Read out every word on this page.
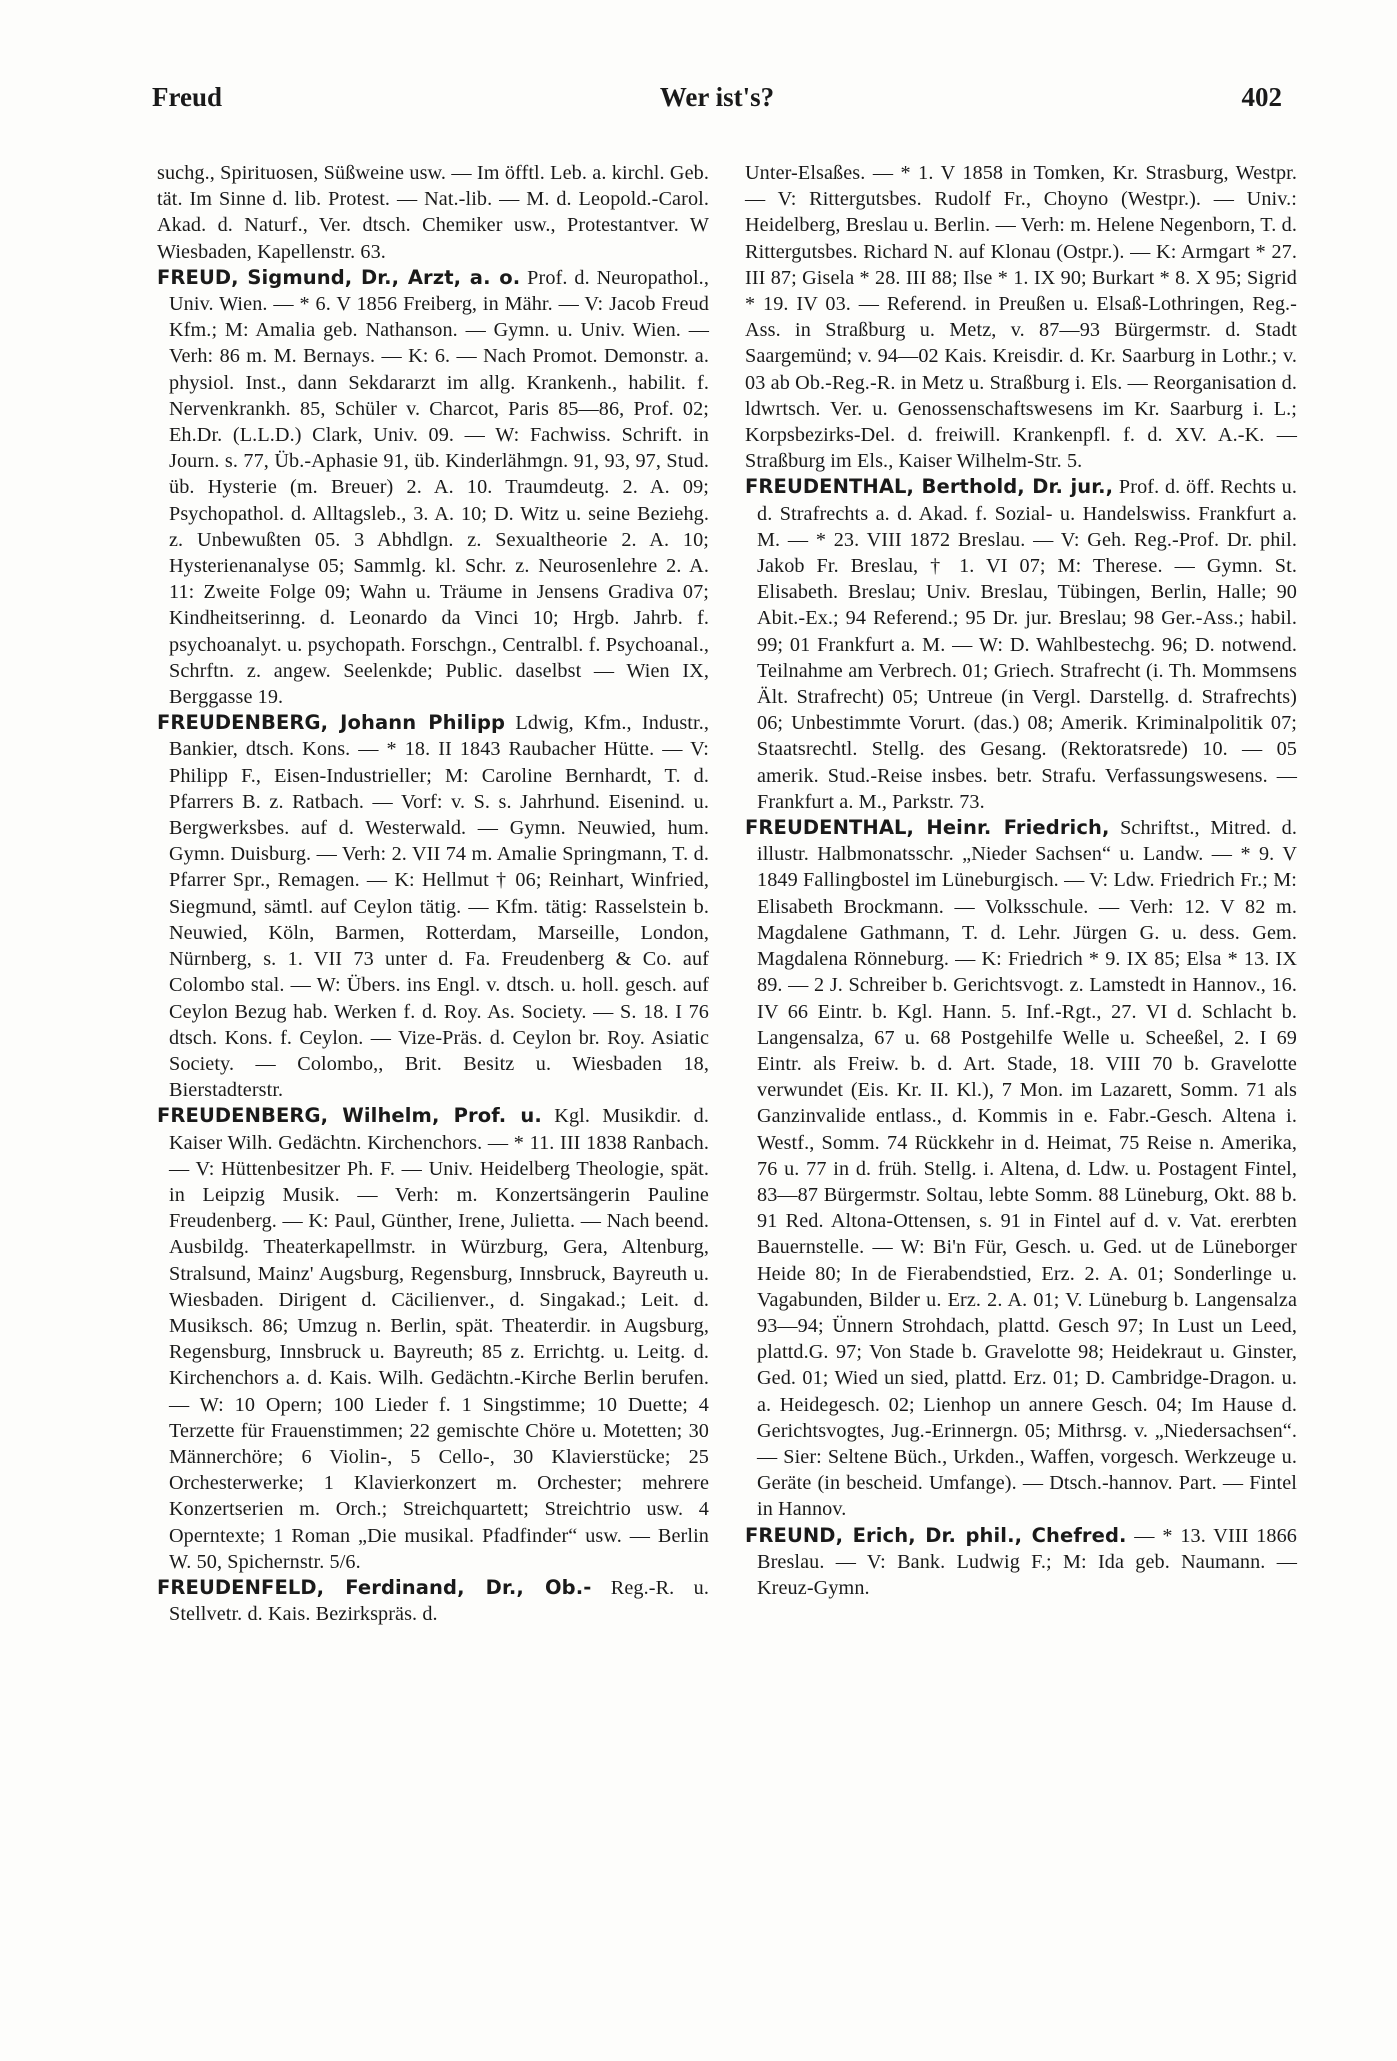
Freud	Wer ist's?	402

suchg., Spirituosen, Süßweine usw. — Im öfftl. Leb. a. kirchl. Geb. tät. Im Sinne d. lib. Protest. — Nat.-lib. — M. d. Leopold.-Carol. Akad. d. Naturf., Ver. dtsch. Chemiker usw., Protestantver. W Wiesbaden, Kapellenstr. 63.

FREUD, Sigmund, Dr., Arzt, a. o. Prof. d. Neuropathol., Univ. Wien. — * 6. V 1856 Freiberg, in Mähr. — V: Jacob Freud Kfm.; M: Amalia geb. Nathanson. — Gymn. u. Univ. Wien. — Verh: 86 m. M. Bernays. — K: 6. — Nach Promot. Demonstr. a. physiol. Inst., dann Sekdararzt im allg. Krankenh., habilit. f. Nervenkrankh. 85, Schüler v. Charcot, Paris 85—86, Prof. 02; Eh.Dr. (L.L.D.) Clark, Univ. 09. — W: Fachwiss. Schrift. in Journ. s. 77, Üb.-Aphasie 91, üb. Kinderlähmgn. 91, 93, 97, Stud. üb. Hysterie (m. Breuer) 2. A. 10. Traumdeutg. 2. A. 09; Psychopathol. d. Alltagsleb., 3. A. 10; D. Witz u. seine Beziehg. z. Unbewußten 05. 3 Abhdlgn. z. Sexualtheorie 2. A. 10; Hysterienanalyse 05; Sammlg. kl. Schr. z. Neurosenlehre 2. A. 11: Zweite Folge 09; Wahn u. Träume in Jensens Gradiva 07; Kindheitserinng. d. Leonardo da Vinci 10; Hrgb. Jahrb. f. psychoanalyt. u. psychopath. Forschgn., Centralbl. f. Psychoanal., Schrftn. z. angew. Seelenkde; Public. daselbst — Wien IX, Berggasse 19.

FREUDENBERG, Johann Philipp Ldwig, Kfm., Industr., Bankier, dtsch. Kons. — * 18. II 1843 Raubacher Hütte. — V: Philipp F., Eisen-Industrieller; M: Caroline Bernhardt, T. d. Pfarrers B. z. Ratbach. — Vorf: v. S. s. Jahrhund. Eisenind. u. Bergwerksbes. auf d. Westerwald. — Gymn. Neuwied, hum. Gymn. Duisburg. — Verh: 2. VII 74 m. Amalie Springmann, T. d. Pfarrer Spr., Remagen. — K: Hellmut † 06; Reinhart, Winfried, Siegmund, sämtl. auf Ceylon tätig. — Kfm. tätig: Rasselstein b. Neuwied, Köln, Barmen, Rotterdam, Marseille, London, Nürnberg, s. 1. VII 73 unter d. Fa. Freudenberg & Co. auf Colombo stal. — W: Übers. ins Engl. v. dtsch. u. holl. gesch. auf Ceylon Bezug hab. Werken f. d. Roy. As. Society. — S. 18. I 76 dtsch. Kons. f. Ceylon. — Vize-Präs. d. Ceylon br. Roy. Asiatic Society. — Colombo,, Brit. Besitz u. Wiesbaden 18, Bierstadterstr.

FREUDENBERG, Wilhelm, Prof. u. Kgl. Musikdir. d. Kaiser Wilh. Gedächtn. Kirchenchors. — * 11. III 1838 Ranbach. — V: Hüttenbesitzer Ph. F. — Univ. Heidelberg Theologie, spät. in Leipzig Musik. — Verh: m. Konzertsängerin Pauline Freudenberg. — K: Paul, Günther, Irene, Julietta. — Nach beend. Ausbildg. Theaterkapellmstr. in Würzburg, Gera, Altenburg, Stralsund, Mainz' Augsburg, Regensburg, Innsbruck, Bayreuth u. Wiesbaden. Dirigent d. Cäcilienver., d. Singakad.; Leit. d. Musiksch. 86; Umzug n. Berlin, spät. Theaterdir. in Augsburg, Regensburg, Innsbruck u. Bayreuth; 85 z. Errichtg. u. Leitg. d. Kirchenchors a. d. Kais. Wilh. Gedächtn.-Kirche Berlin berufen. — W: 10 Opern; 100 Lieder f. 1 Singstimme; 10 Duette; 4 Terzette für Frauenstimmen; 22 gemischte Chöre u. Motetten; 30 Männerchöre; 6 Violin-, 5 Cello-, 30 Klavierstücke; 25 Orchesterwerke; 1 Klavierkonzert m. Orchester; mehrere Konzertserien m. Orch.; Streichquartett; Streichtrio usw. 4 Operntexte; 1 Roman „Die musikal. Pfadfinder“ usw. — Berlin W. 50, Spichernstr. 5/6.

FREUDENFELD, Ferdinand, Dr., Ob.- Reg.-R. u. Stellvetr. d. Kais. Bezirkspräs. d.

Unter-Elsaßes. — * 1. V 1858 in Tomken, Kr. Strasburg, Westpr. — V: Rittergutsbes. Rudolf Fr., Choyno (Westpr.). — Univ.: Heidelberg, Breslau u. Berlin. — Verh: m. Helene Negenborn, T. d. Rittergutsbes. Richard N. auf Klonau (Ostpr.). — K: Armgart * 27. III 87; Gisela * 28. III 88; Ilse * 1. IX 90; Burkart * 8. X 95; Sigrid * 19. IV 03. — Referend. in Preußen u. Elsaß-Lothringen, Reg.-Ass. in Straßburg u. Metz, v. 87—93 Bürgermstr. d. Stadt Saargemünd; v. 94—02 Kais. Kreisdir. d. Kr. Saarburg in Lothr.; v. 03 ab Ob.-Reg.-R. in Metz u. Straßburg i. Els. — Reorganisation d. ldwrtsch. Ver. u. Genossenschaftswesens im Kr. Saarburg i. L.; Korpsbezirks-Del. d. freiwill. Krankenpfl. f. d. XV. A.-K. — Straßburg im Els., Kaiser Wilhelm-Str. 5.

FREUDENTHAL, Berthold, Dr. jur., Prof. d. öff. Rechts u. d. Strafrechts a. d. Akad. f. Sozial- u. Handelswiss. Frankfurt a. M. — * 23. VIII 1872 Breslau. — V: Geh. Reg.-Prof. Dr. phil. Jakob Fr. Breslau, † 1. VI 07; M: Therese. — Gymn. St. Elisabeth. Breslau; Univ. Breslau, Tübingen, Berlin, Halle; 90 Abit.-Ex.; 94 Referend.; 95 Dr. jur. Breslau; 98 Ger.-Ass.; habil. 99; 01 Frankfurt a. M. — W: D. Wahlbestechg. 96; D. notwend. Teilnahme am Verbrech. 01; Griech. Strafrecht (i. Th. Mommsens Ält. Strafrecht) 05; Untreue (in Vergl. Darstellg. d. Strafrechts) 06; Unbestimmte Vorurt. (das.) 08; Amerik. Kriminalpolitik 07; Staatsrechtl. Stellg. des Gesang. (Rektoratsrede) 10. — 05 amerik. Stud.-Reise insbes. betr. Strafu. Verfassungswesens. — Frankfurt a. M., Parkstr. 73.

FREUDENTHAL, Heinr. Friedrich, Schriftst., Mitred. d. illustr. Halbmonatsschr. „Nieder Sachsen“ u. Landw. — * 9. V 1849 Fallingbostel im Lüneburgisch. — V: Ldw. Friedrich Fr.; M: Elisabeth Brockmann. — Volksschule. — Verh: 12. V 82 m. Magdalene Gathmann, T. d. Lehr. Jürgen G. u. dess. Gem. Magdalena Rönneburg. — K: Friedrich * 9. IX 85; Elsa * 13. IX 89. — 2 J. Schreiber b. Gerichtsvogt. z. Lamstedt in Hannov., 16. IV 66 Eintr. b. Kgl. Hann. 5. Inf.-Rgt., 27. VI d. Schlacht b. Langensalza, 67 u. 68 Postgehilfe Welle u. Scheeßel, 2. I 69 Eintr. als Freiw. b. d. Art. Stade, 18. VIII 70 b. Gravelotte verwundet (Eis. Kr. II. Kl.), 7 Mon. im Lazarett, Somm. 71 als Ganzinvalide entlass., d. Kommis in e. Fabr.-Gesch. Altena i. Westf., Somm. 74 Rückkehr in d. Heimat, 75 Reise n. Amerika, 76 u. 77 in d. früh. Stellg. i. Altena, d. Ldw. u. Postagent Fintel, 83—87 Bürgermstr. Soltau, lebte Somm. 88 Lüneburg, Okt. 88 b. 91 Red. Altona-Ottensen, s. 91 in Fintel auf d. v. Vat. ererbten Bauernstelle. — W: Bi'n Für, Gesch. u. Ged. ut de Lüneborger Heide 80; In de Fierabendstied, Erz. 2. A. 01; Sonderlinge u. Vagabunden, Bilder u. Erz. 2. A. 01; V. Lüneburg b. Langensalza 93—94; Ünnern Strohdach, plattd. Gesch 97; In Lust un Leed, plattd.G. 97; Von Stade b. Gravelotte 98; Heidekraut u. Ginster, Ged. 01; Wied un sied, plattd. Erz. 01; D. Cambridge-Dragon. u. a. Heidegesch. 02; Lienhop un annere Gesch. 04; Im Hause d. Gerichtsvogtes, Jug.-Erinnergn. 05; Mithrsg. v. „Niedersachsen“. — Sier: Seltene Büch., Urkden., Waffen, vorgesch. Werkzeuge u. Geräte (in bescheid. Umfange). — Dtsch.-hannov. Part. — Fintel in Hannov.

FREUND, Erich, Dr. phil., Chefred. — * 13. VIII 1866 Breslau. — V: Bank. Ludwig F.; M: Ida geb. Naumann. — Kreuz-Gymn.
